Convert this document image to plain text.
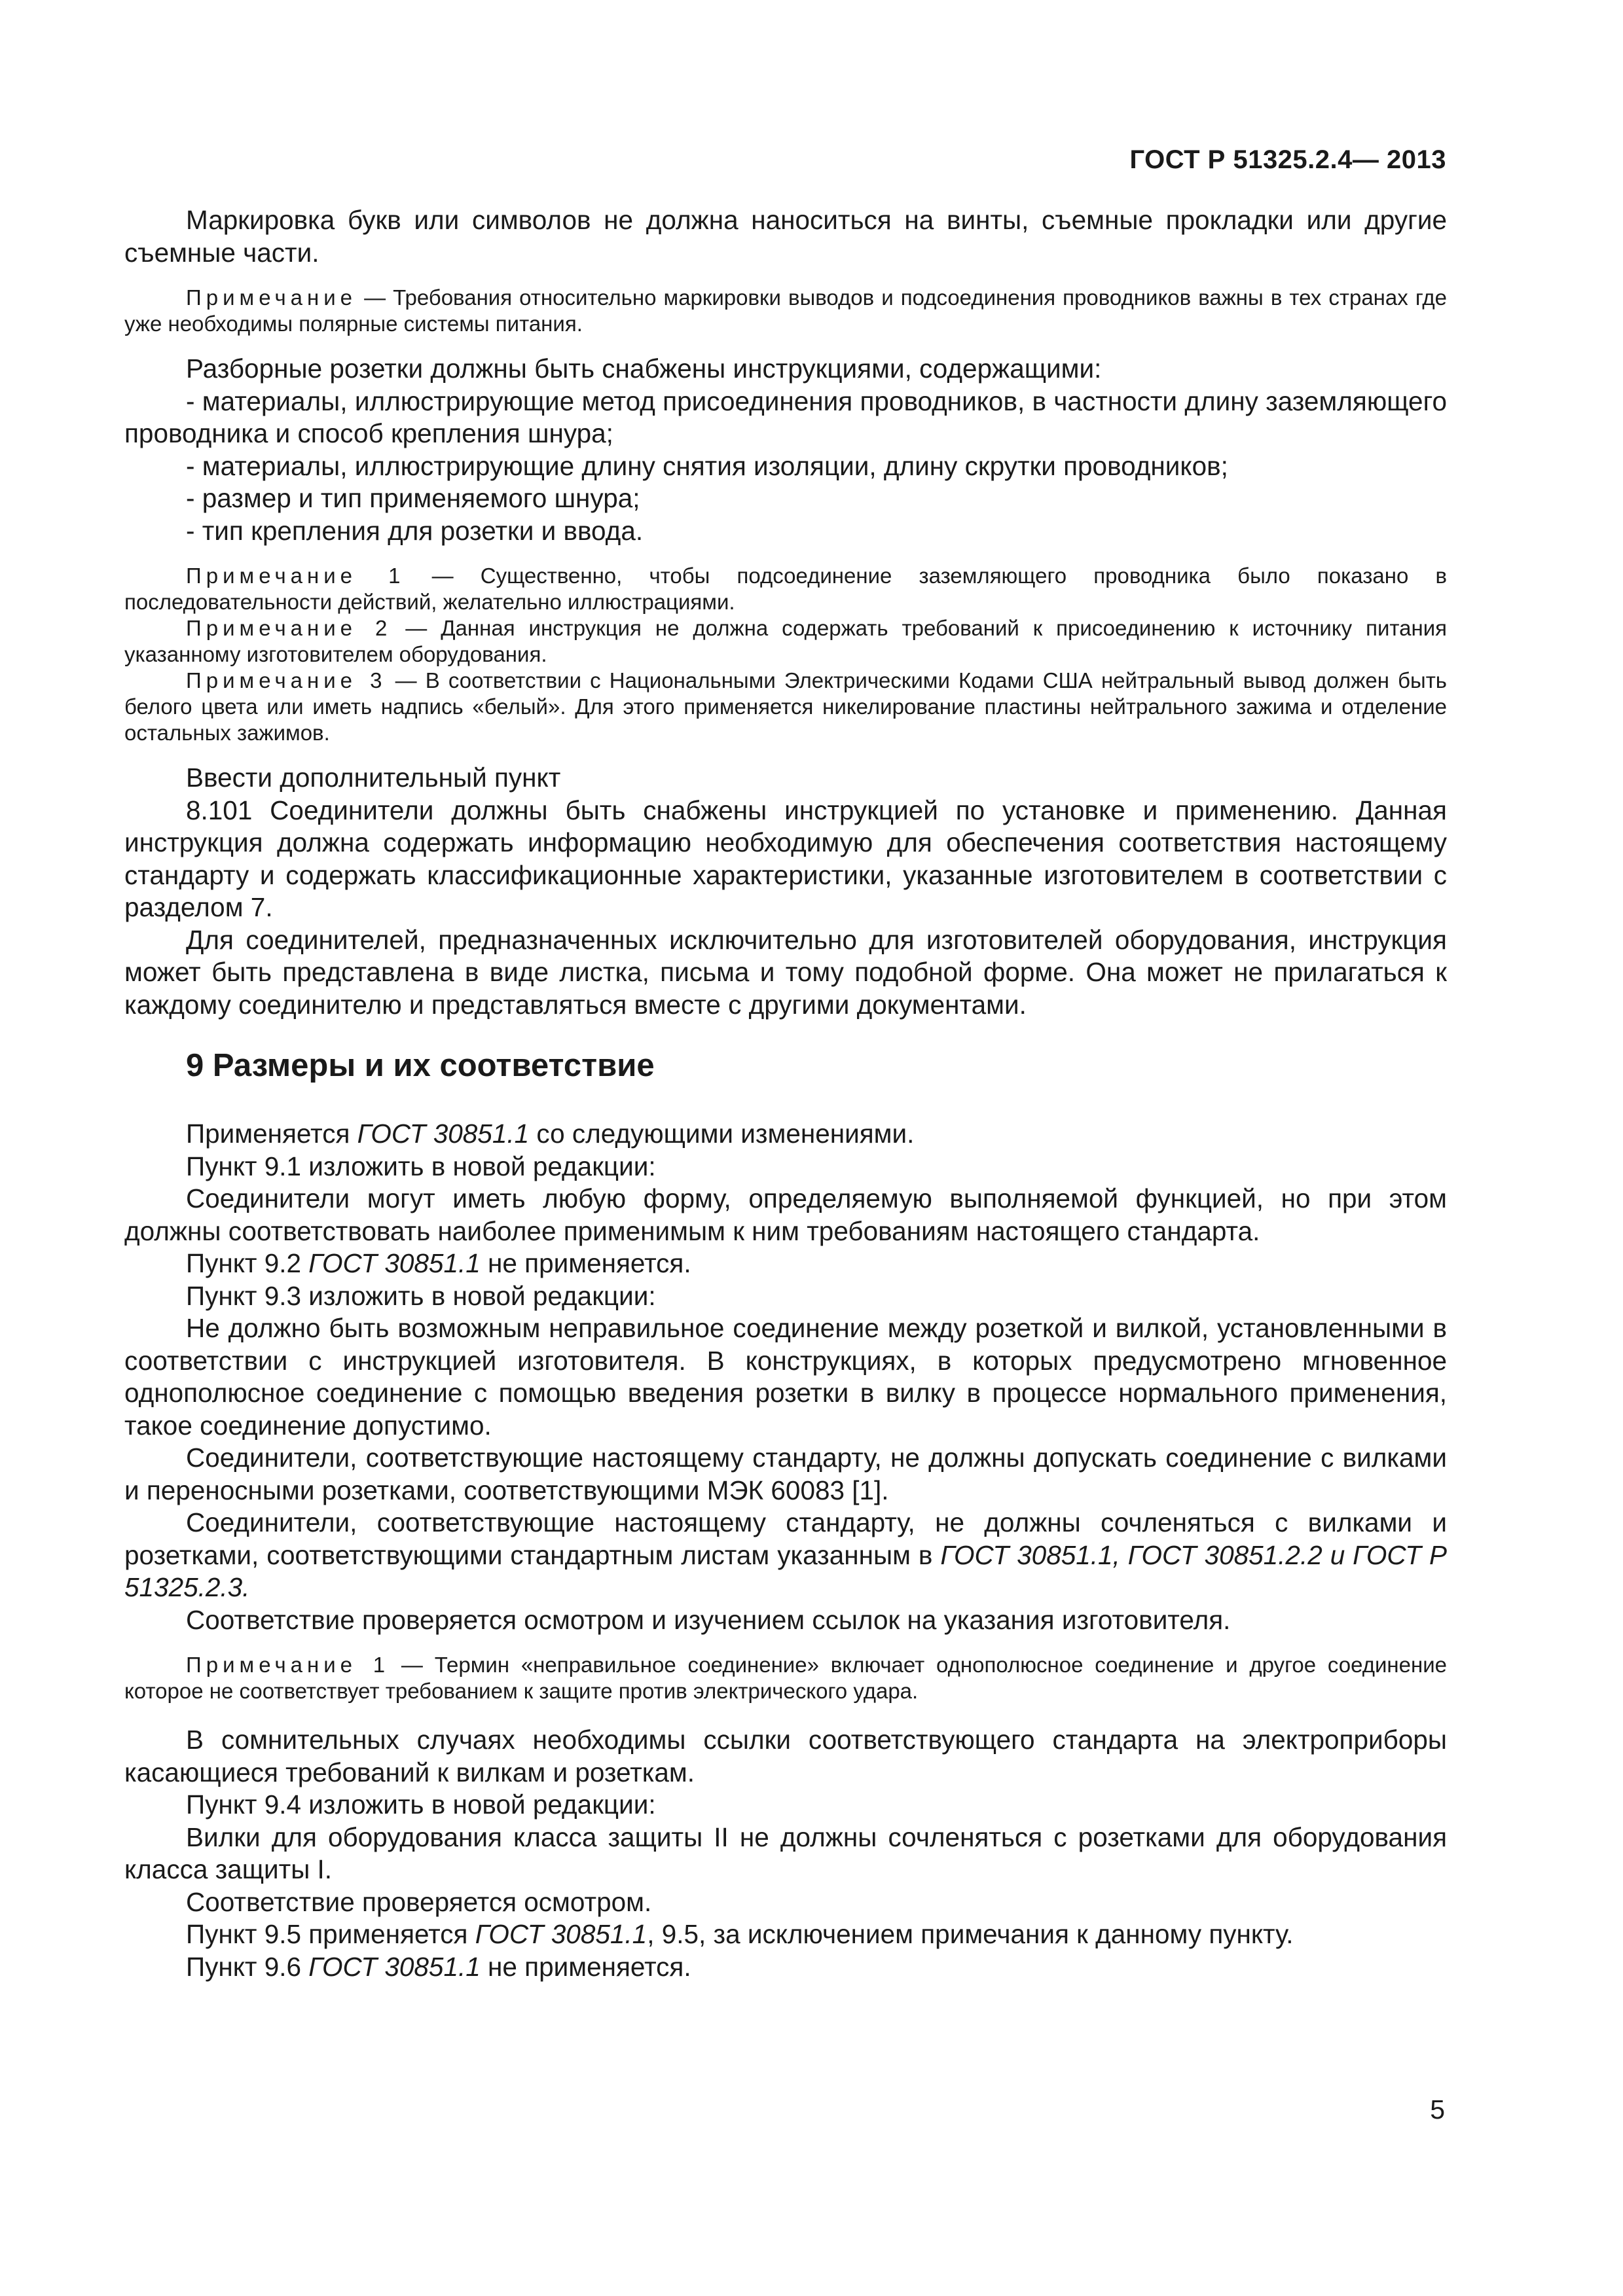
ГОСТ Р 51325.2.4— 2013

Маркировка букв или символов не должна наноситься на винты, съемные прокладки или другие съемные части.

Примечание — Требования относительно маркировки выводов и подсоединения проводников важны в тех странах где уже необходимы полярные системы питания.

Разборные розетки должны быть снабжены инструкциями, содержащими:

- материалы, иллюстрирующие метод присоединения проводников, в частности длину заземляющего проводника и способ крепления шнура;

- материалы, иллюстрирующие длину снятия изоляции, длину скрутки проводников;

- размер и тип применяемого шнура;

- тип крепления для розетки и ввода.

Примечание 1 — Существенно, чтобы подсоединение заземляющего проводника было показано в последовательности действий, желательно иллюстрациями.

Примечание 2 — Данная инструкция не должна содержать требований к присоединению к источнику питания указанному изготовителем оборудования.

Примечание 3 — В соответствии с Национальными Электрическими Кодами США нейтральный вывод должен быть белого цвета или иметь надпись «белый». Для этого применяется никелирование пластины нейтрального зажима и отделение остальных зажимов.

Ввести дополнительный пункт

8.101 Соединители должны быть снабжены инструкцией по установке и применению. Данная инструкция должна содержать информацию необходимую для обеспечения соответствия настоящему стандарту и содержать классификационные характеристики, указанные изготовителем в соответствии с разделом 7.

Для соединителей, предназначенных исключительно для изготовителей оборудования, инструкция может быть представлена в виде листка, письма и тому подобной форме. Она может не прилагаться к каждому соединителю и представляться вместе с другими документами.

9 Размеры и их соответствие

Применяется ГОСТ 30851.1 со следующими изменениями.

Пункт 9.1 изложить в новой редакции:

Соединители могут иметь любую форму, определяемую выполняемой функцией, но при этом должны соответствовать наиболее применимым к ним требованиям настоящего стандарта.

Пункт 9.2 ГОСТ 30851.1 не применяется.

Пункт 9.3 изложить в новой редакции:

Не должно быть возможным неправильное соединение между розеткой и вилкой, установленными в соответствии с инструкцией изготовителя. В конструкциях, в которых предусмотрено мгновенное однополюсное соединение с помощью введения розетки в вилку в процессе нормального применения, такое соединение допустимо.

Соединители, соответствующие настоящему стандарту, не должны допускать соединение с вилками и переносными розетками, соответствующими МЭК 60083 [1].

Соединители, соответствующие настоящему стандарту, не должны сочленяться с вилками и розетками, соответствующими стандартным листам указанным в ГОСТ 30851.1, ГОСТ 30851.2.2 и ГОСТ Р 51325.2.3.

Соответствие проверяется осмотром и изучением ссылок на указания изготовителя.

Примечание 1 — Термин «неправильное соединение» включает однополюсное соединение и другое соединение которое не соответствует требованием к защите против электрического удара.

В сомнительных случаях необходимы ссылки соответствующего стандарта на электроприборы касающиеся требований к вилкам и розеткам.

Пункт 9.4 изложить в новой редакции:

Вилки для оборудования класса защиты II не должны сочленяться с розетками для оборудования класса защиты I.

Соответствие проверяется осмотром.

Пункт 9.5 применяется ГОСТ 30851.1, 9.5, за исключением примечания к данному пункту.

Пункт 9.6 ГОСТ 30851.1 не применяется.

5
